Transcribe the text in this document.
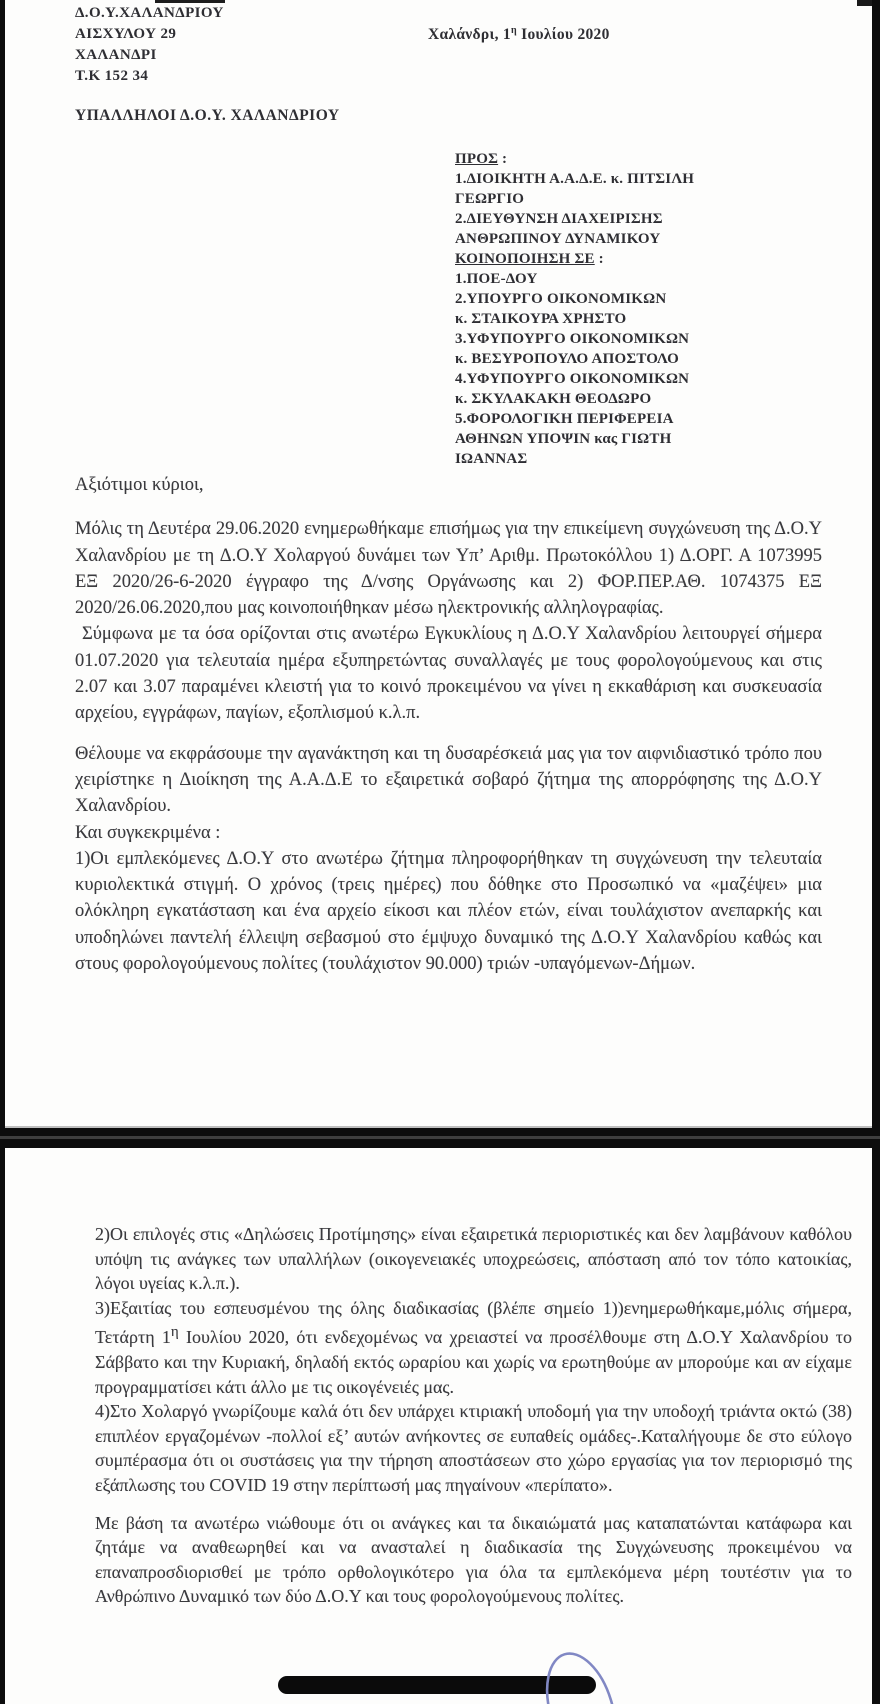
Δ.Ο.Υ.ΧΑΛΑΝΔΡΙΟΥ
ΑΙΣΧΥΛΟΥ 29
ΧΑΛΑΝΔΡΙ
Τ.Κ 152 34
Χαλάνδρι, $1^\eta$ Ιουλίου 2020
ΥΠΑΛΛΗΛΟΙ Δ.Ο.Υ. ΧΑΛΑΝΔΡΙΟΥ
ΠΡΟΣ :
1.ΔΙΟΙΚΗΤΗ Α.Α.Δ.Ε. κ. ΠΙΤΣΙΛΗ
ΓΕΩΡΓΙΟ
2.ΔΙΕΥΘΥΝΣΗ ΔΙΑΧΕΙΡΙΣΗΣ
ΑΝΘΡΩΠΙΝΟΥ ΔΥΝΑΜΙΚΟΥ
ΚΟΙΝΟΠΟΙΗΣΗ ΣΕ :
1.ΠΟΕ-ΔΟΥ
2.ΥΠΟΥΡΓΟ ΟΙΚΟΝΟΜΙΚΩΝ
κ. ΣΤΑΙΚΟΥΡΑ ΧΡΗΣΤΟ
3.ΥΦΥΠΟΥΡΓΟ ΟΙΚΟΝΟΜΙΚΩΝ
κ. ΒΕΣΥΡΟΠΟΥΛΟ ΑΠΟΣΤΟΛΟ
4.ΥΦΥΠΟΥΡΓΟ ΟΙΚΟΝΟΜΙΚΩΝ
κ. ΣΚΥΛΑΚΑΚΗ ΘΕΟΔΩΡΟ
5.ΦΟΡΟΛΟΓΙΚΗ ΠΕΡΙΦΕΡΕΙΑ
ΑΘΗΝΩΝ ΥΠΟΨΙΝ κας ΓΙΩΤΗ
ΙΩΑΝΝΑΣ
Αξιότιμοι κύριοι,
Μόλις τη Δευτέρα 29.06.2020 ενημερωθήκαμε επισήμως για την επικείμενη συγχώνευση της Δ.Ο.Υ Χαλανδρίου με τη Δ.Ο.Υ Χολαργού δυνάμει των Υπ’ Αριθμ. Πρωτοκόλλου 1) Δ.ΟΡΓ. Α 1073995 ΕΞ 2020/26-6-2020 έγγραφο της Δ/νσης Οργάνωσης και 2) ΦΟΡ.ΠΕΡ.ΑΘ. 1074375 ΕΞ 2020/26.06.2020,που μας κοινοποιήθηκαν μέσω ηλεκτρονικής αλληλογραφίας.
Σύμφωνα με τα όσα ορίζονται στις ανωτέρω Εγκυκλίους η Δ.Ο.Υ Χαλανδρίου λειτουργεί σήμερα 01.07.2020 για τελευταία ημέρα εξυπηρετώντας συναλλαγές με τους φορολογούμενους και στις 2.07 και 3.07 παραμένει κλειστή για το κοινό προκειμένου να γίνει η εκκαθάριση και συσκευασία αρχείου, εγγράφων, παγίων, εξοπλισμού κ.λ.π.
Θέλουμε να εκφράσουμε την αγανάκτηση και τη δυσαρέσκειά μας για τον αιφνιδιαστικό τρόπο που χειρίστηκε η Διοίκηση της Α.Α.Δ.Ε το εξαιρετικά σοβαρό ζήτημα της απορρόφησης της Δ.Ο.Υ Χαλανδρίου.
Και συγκεκριμένα :
1)Οι εμπλεκόμενες Δ.Ο.Υ στο ανωτέρω ζήτημα πληροφορήθηκαν τη συγχώνευση την τελευταία κυριολεκτικά στιγμή. Ο χρόνος (τρεις ημέρες) που δόθηκε στο Προσωπικό να «μαζέψει» μια ολόκληρη εγκατάσταση και ένα αρχείο είκοσι και πλέον ετών, είναι τουλάχιστον ανεπαρκής και υποδηλώνει παντελή έλλειψη σεβασμού στο έμψυχο δυναμικό της Δ.Ο.Υ Χαλανδρίου καθώς και στους φορολογούμενους πολίτες (τουλάχιστον 90.000) τριών -υπαγόμενων-Δήμων.
2)Οι επιλογές στις «Δηλώσεις Προτίμησης» είναι εξαιρετικά περιοριστικές και δεν λαμβάνουν καθόλου υπόψη τις ανάγκες των υπαλλήλων (οικογενειακές υποχρεώσεις, απόσταση από τον τόπο κατοικίας, λόγοι υγείας κ.λ.π.).
3)Εξαιτίας του εσπευσμένου της όλης διαδικασίας (βλέπε σημείο 1))ενημερωθήκαμε,μόλις σήμερα, Τετάρτη $1^\eta$ Ιουλίου 2020, ότι ενδεχομένως να χρειαστεί να προσέλθουμε στη Δ.Ο.Υ Χαλανδρίου το Σάββατο και την Κυριακή, δηλαδή εκτός ωραρίου και χωρίς να ερωτηθούμε αν μπορούμε και αν είχαμε προγραμματίσει κάτι άλλο με τις οικογένειές μας.
4)Στο Χολαργό γνωρίζουμε καλά ότι δεν υπάρχει κτιριακή υποδομή για την υποδοχή τριάντα οκτώ (38) επιπλέον εργαζομένων -πολλοί εξ’ αυτών ανήκοντες σε ευπαθείς ομάδες-.Καταλήγουμε δε στο εύλογο συμπέρασμα ότι οι συστάσεις για την τήρηση αποστάσεων στο χώρο εργασίας για τον περιορισμό της εξάπλωσης του COVID 19 στην περίπτωσή μας πηγαίνουν «περίπατο».
Με βάση τα ανωτέρω νιώθουμε ότι οι ανάγκες και τα δικαιώματά μας καταπατώνται κατάφωρα και ζητάμε να αναθεωρηθεί και να ανασταλεί η διαδικασία της Συγχώνευσης προκειμένου να επαναπροσδιορισθεί με τρόπο ορθολογικότερο για όλα τα εμπλεκόμενα μέρη τουτέστιν για το Ανθρώπινο Δυναμικό των δύο Δ.Ο.Υ και τους φορολογούμενους πολίτες.
